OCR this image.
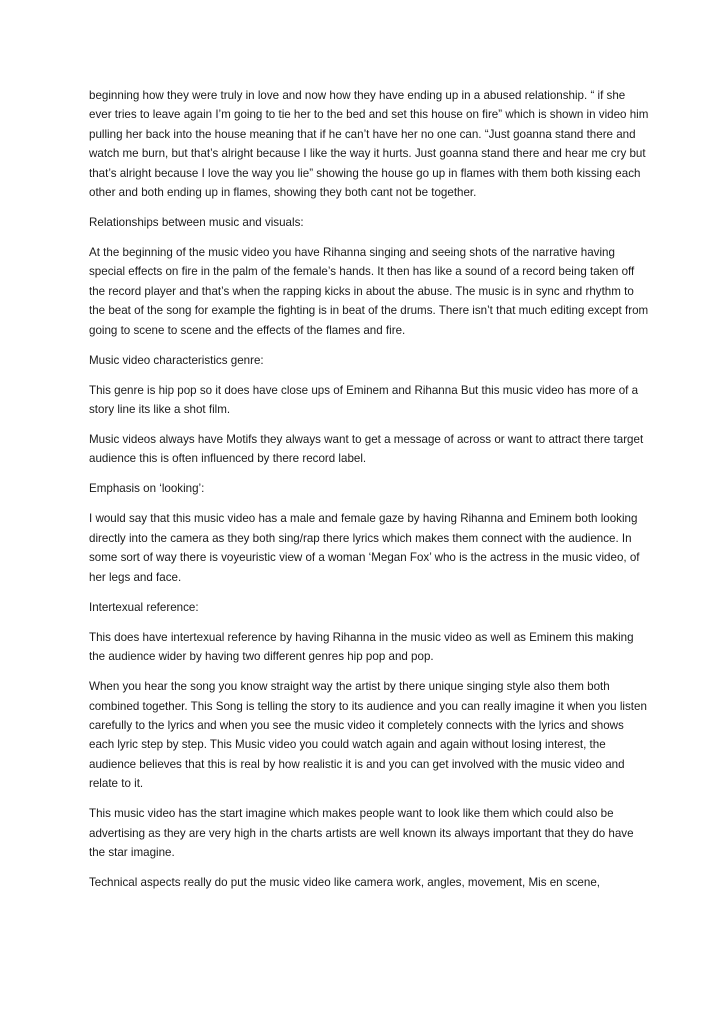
beginning how they were truly in love and now how they have ending up in a abused relationship. “ if she ever tries to leave again I’m going to tie her to the bed and set this house on fire” which is shown in video him pulling her back into the house meaning that if he can’t have her no one can. “Just goanna stand there and watch me burn, but that’s alright because I like the way it hurts. Just goanna stand there and hear me cry but that’s alright because I love the way you lie” showing the house go up in flames with them both kissing each other and both ending up in flames, showing they both cant not be together.

Relationships between music and visuals:

At the beginning of the music video you have Rihanna singing and seeing shots of the narrative having special effects on fire in the palm of the female’s hands. It then has like a sound of a record being taken off the record player and that’s when the rapping kicks in about the abuse. The music is in sync and rhythm to the beat of the song for example the fighting is in beat of the drums. There isn’t that much editing except from going to scene to scene and the effects of the flames and fire.

Music video characteristics genre:

This genre is hip pop so it does have close ups of Eminem and Rihanna But this music video has more of a story line its like a shot film.

Music videos always have Motifs they always want to get a message of across or want to attract there target audience this is often influenced by there record label.

Emphasis on ‘looking’:

I would say that this music video has a male and female gaze by having Rihanna and Eminem both looking directly into the camera as they both sing/rap there lyrics which makes them connect with the audience. In some sort of way there is voyeuristic view of a woman ‘Megan Fox’ who is the actress in the music video, of her legs and face.

Intertexual reference:

This does have intertexual reference by having Rihanna in the music video as well as Eminem this making the audience wider by having two different genres hip pop and pop.

When you hear the song you know straight way the artist by there unique singing style also them both combined together. This Song is telling the story to its audience and you can really imagine it when you listen carefully to the lyrics and when you see the music video it completely connects with the lyrics and shows each lyric step by step. This Music video you could watch again and again without losing interest, the audience believes that this is real by how realistic it is and you can get involved with the music video and relate to it.

This music video has the start imagine which makes people want to look like them which could also be advertising as they are very high in the charts artists are well known its always important that they do have the star imagine.

Technical aspects really do put the music video like camera work, angles, movement, Mis en scene,
